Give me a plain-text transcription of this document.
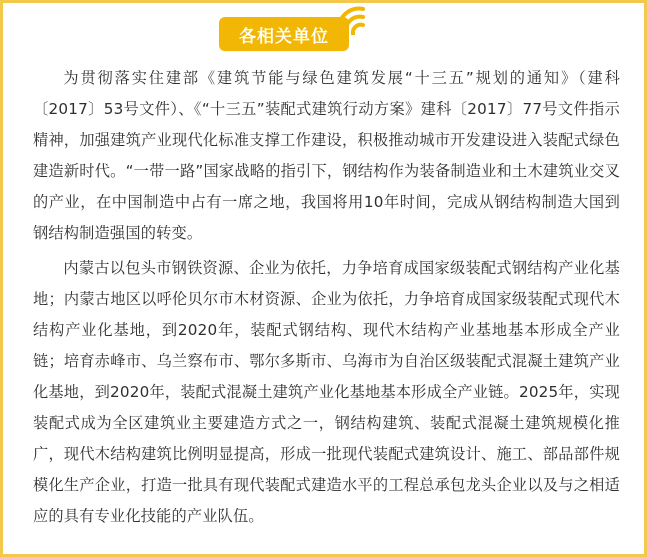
各相关单位

为贯彻落实住建部《建筑节能与绿色建筑发展“十三五”规划的通知》（建科〔2017〕53号文件）、《“十三五”装配式建筑行动方案》建科〔2017〕77号文件指示精神，加强建筑产业现代化标准支撑工作建设，积极推动城市开发建设进入装配式绿色建造新时代。“一带一路”国家战略的指引下，钢结构作为装备制造业和土木建筑业交叉的产业，在中国制造中占有一席之地，我国将用10年时间，完成从钢结构制造大国到钢结构制造强国的转变。

内蒙古以包头市钢铁资源、企业为依托，力争培育成国家级装配式钢结构产业化基地；内蒙古地区以呼伦贝尔市木材资源、企业为依托，力争培育成国家级装配式现代木结构产业化基地，到2020年，装配式钢结构、现代木结构产业基地基本形成全产业链；培育赤峰市、乌兰察布市、鄂尔多斯市、乌海市为自治区级装配式混凝土建筑产业化基地，到2020年，装配式混凝土建筑产业化基地基本形成全产业链。2025年，实现装配式成为全区建筑业主要建造方式之一，钢结构建筑、装配式混凝土建筑规模化推广，现代木结构建筑比例明显提高，形成一批现代装配式建筑设计、施工、部品部件规模化生产企业，打造一批具有现代装配式建造水平的工程总承包龙头企业以及与之相适应的具有专业化技能的产业队伍。
